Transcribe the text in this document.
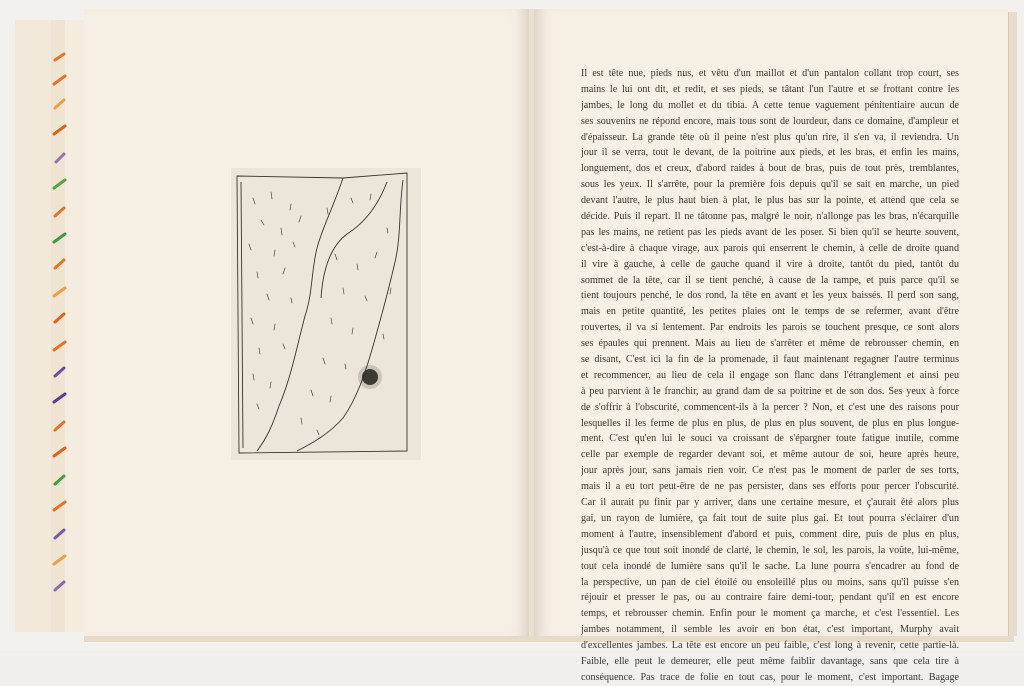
Il est tête nue, pieds nus, et vêtu d'un maillot et d'un pantalon collant trop court, ses
mains le lui ont dit, et redit, et ses pieds, se tâtant l'un l'autre et se frottant contre les
jambes, le long du mollet et du tibia. A cette tenue vaguement pénitentiaire aucun de
ses souvenirs ne répond encore, mais tous sont de lourdeur, dans ce domaine, d'ampleur et
d'épaisseur. La grande tête où il peine n'est plus qu'un rire, il s'en va, il reviendra. Un
jour il se verra, tout le devant, de la poitrine aux pieds, et les bras, et enfin les mains,
longuement, dos et creux, d'abord raides à bout de bras, puis de tout près, tremblantes,
sous les yeux. Il s'arrête, pour la première fois depuis qu'il se sait en marche, un pied
devant l'autre, le plus haut bien à plat, le plus bas sur la pointe, et attend que cela se
décide. Puis il repart. Il ne tâtonne pas, malgré le noir, n'allonge pas les bras, n'écarquille
pas les mains, ne retient pas les pieds avant de les poser. Si bien qu'il se heurte souvent,
c'est-à-dire à chaque virage, aux parois qui enserrent le chemin, à celle de droite quand
il vire à gauche, à celle de gauche quand il vire à droite, tantôt du pied, tantôt du
sommet de la tête, car il se tient penché, à cause de la rampe, et puis parce qu'il se
tient toujours penché, le dos rond, la tête en avant et les yeux baissés. Il perd son sang,
mais en petite quantité, les petites plaies ont le temps de se refermer, avant d'être
rouvertes, il va si lentement. Par endroits les parois se touchent presque, ce sont alors
ses épaules qui prennent. Mais au lieu de s'arrêter et même de rebrousser chemin, en
se disant, C'est ici la fin de la promenade, il faut maintenant regagner l'autre terminus
et recommencer, au lieu de cela il engage son flanc dans l'étranglement et ainsi peu
à peu parvient à le franchir, au grand dam de sa poitrine et de son dos. Ses yeux à force
de s'offrir à l'obscurité, commencent-ils à la percer ? Non, et c'est une des raisons pour
lesquelles il les ferme de plus en plus, de plus en plus souvent, de plus en plus longue-
ment. C'est qu'en lui le souci va croissant de s'épargner toute fatigue inutile, comme
celle par exemple de regarder devant soi, et même autour de soi, heure après heure,
jour après jour, sans jamais rien voir. Ce n'est pas le moment de parler de ses torts,
mais il a eu tort peut-être de ne pas persister, dans ses efforts pour percer l'obscurité.
Car il aurait pu finir par y arriver, dans une certaine mesure, et ç'aurait été alors plus
gai, un rayon de lumière, ça fait tout de suite plus gai. Et tout pourra s'éclairer d'un
moment à l'autre, insensiblement d'abord et puis, comment dire, puis de plus en plus,
jusqu'à ce que tout soit inondé de clarté, le chemin, le sol, les parois, la voûte, lui-même,
tout cela inondé de lumière sans qu'il le sache. La lune pourra s'encadrer au fond de
la perspective, un pan de ciel étoilé ou ensoleillé plus ou moins, sans qu'il puisse s'en
réjouir et presser le pas, ou au contraire faire demi-tour, pendant qu'il en est encore
temps, et rebrousser chemin. Enfin pour le moment ça marche, et c'est l'essentiel. Les
jambes notamment, il semble les avoir en bon état, c'est important, Murphy avait
d'excellentes jambes. La tête est encore un peu faible, c'est long à revenir, cette partie-là.
Faible, elle peut le demeurer, elle peut même faiblir davantage, sans que cela tire à
conséquence. Pas trace de folie en tout cas, pour le moment, c'est important. Bagage
